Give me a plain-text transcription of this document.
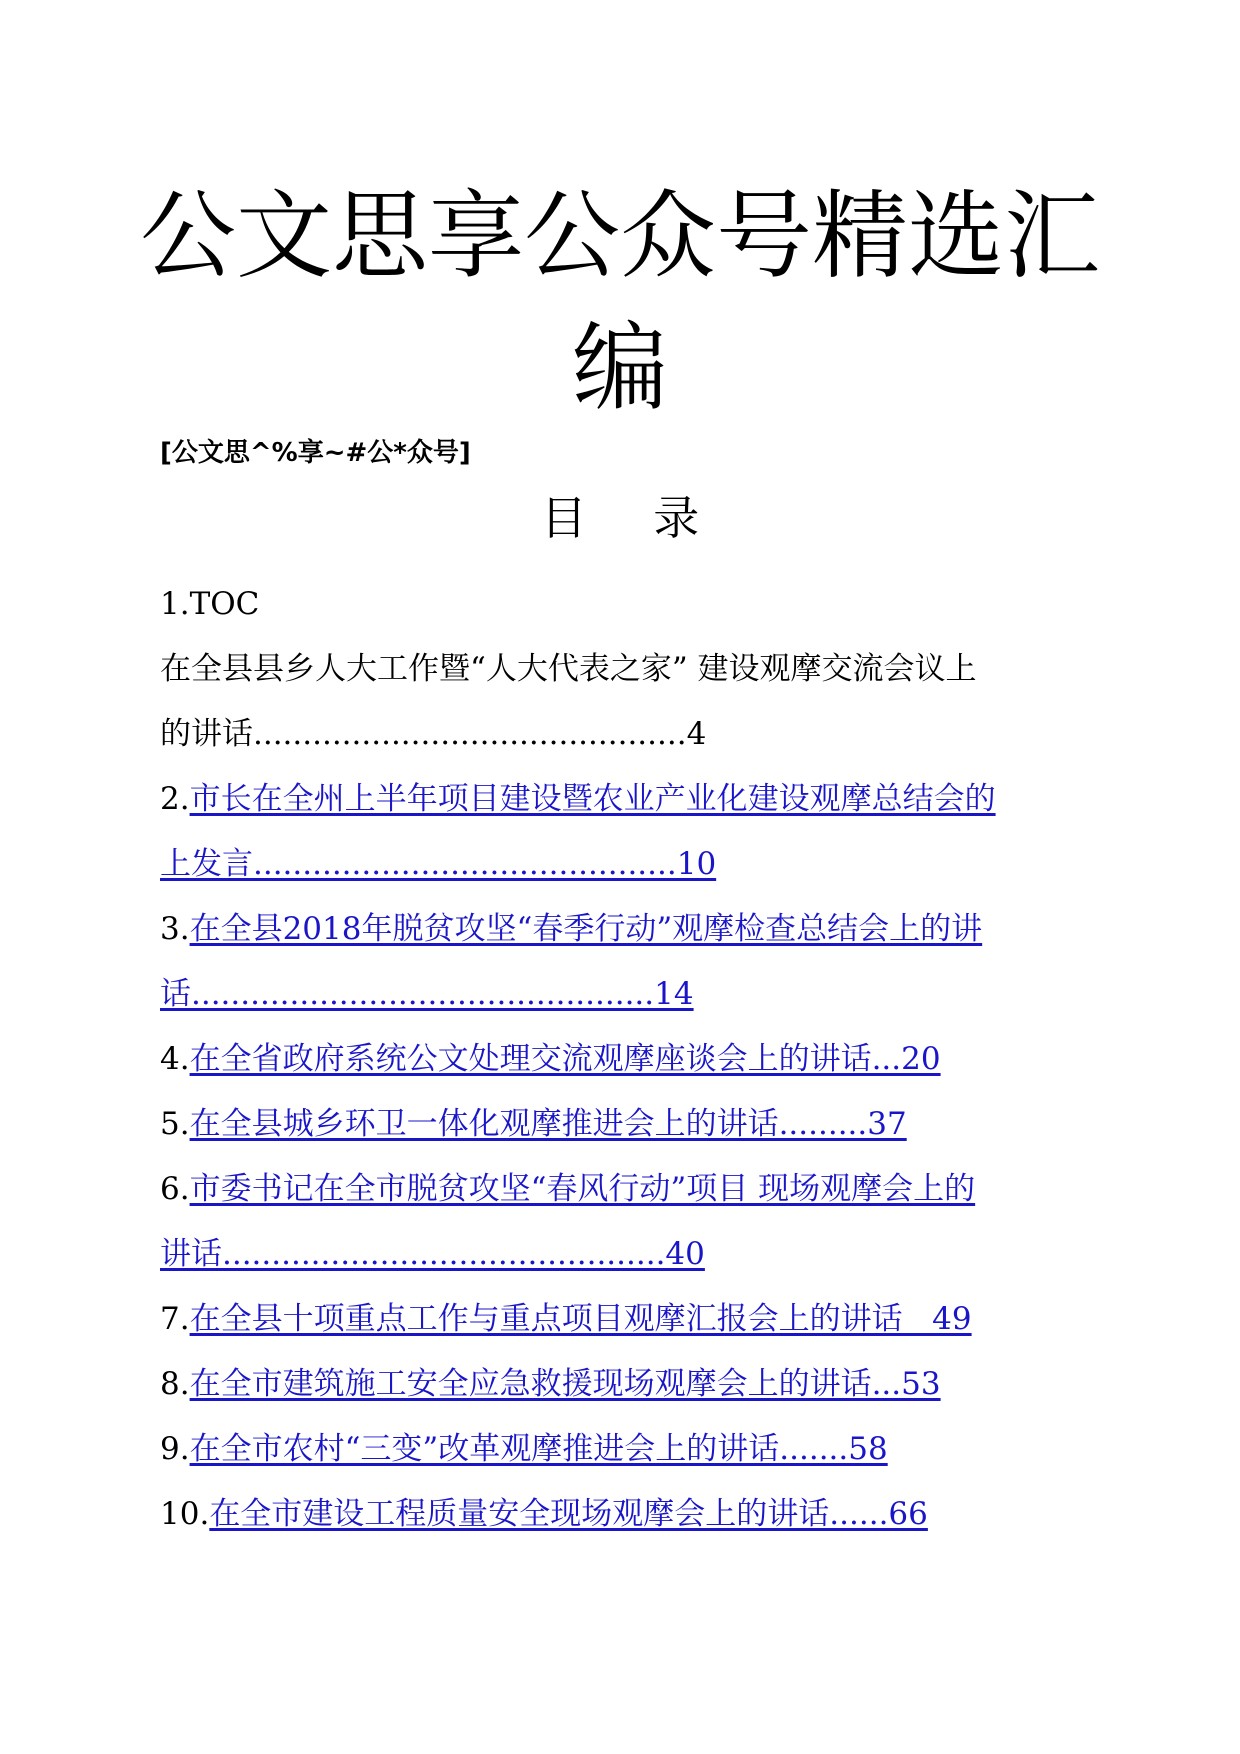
公文思享公众号精选汇
编
[公文思^%享~#公*众号]
目 录
1.TOC
在全县县乡人大工作暨“人大代表之家” 建设观摩交流会议上
的讲话............................................4
2.市长在全州上半年项目建设暨农业产业化建设观摩总结会的
上发言...........................................10
3.在全县2018年脱贫攻坚“春季行动”观摩检查总结会上的讲
话...............................................14
4.在全省政府系统公文处理交流观摩座谈会上的讲话...20
5.在全县城乡环卫一体化观摩推进会上的讲话.........37
6.市委书记在全市脱贫攻坚“春风行动”项目 现场观摩会上的
讲话.............................................40
7.在全县十项重点工作与重点项目观摩汇报会上的讲话   49
8.在全市建筑施工安全应急救援现场观摩会上的讲话...53
9.在全市农村“三变”改革观摩推进会上的讲话.......58
10.在全市建设工程质量安全现场观摩会上的讲话......66
